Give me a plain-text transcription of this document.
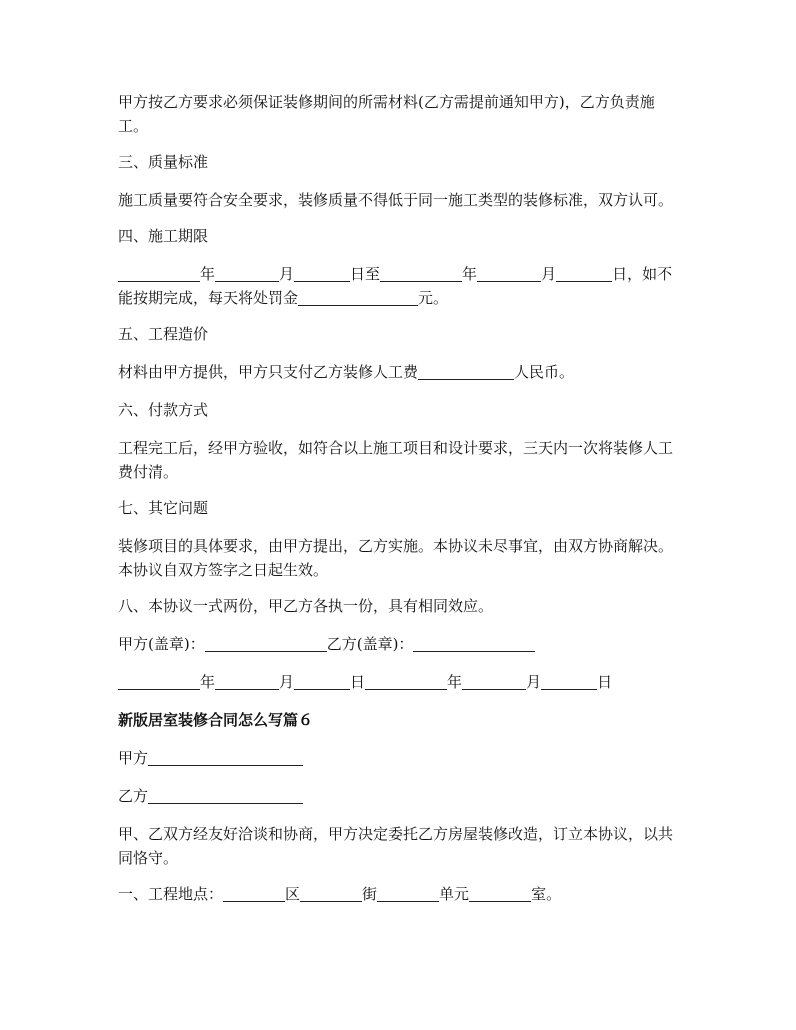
甲方按乙方要求必须保证装修期间的所需材料(乙方需提前通知甲方)，乙方负责施工。

三、质量标准

施工质量要符合安全要求，装修质量不得低于同一施工类型的装修标准，双方认可。

四、施工期限

年	月	日至	年	月	日，如不
能按期完成，每天将处罚金	元。

五、工程造价

材料由甲方提供，甲方只支付乙方装修人工费	人民币。

六、付款方式

工程完工后，经甲方验收，如符合以上施工项目和设计要求，三天内一次将装修人工费付清。

七、其它问题

装修项目的具体要求，由甲方提出，乙方实施。本协议未尽事宜，由双方协商解决。本协议自双方签字之日起生效。

八、本协议一式两份，甲乙方各执一份，具有相同效应。

甲方(盖章)：	乙方(盖章)：

年	月	日	年	月	日

新版居室装修合同怎么写篇６

甲方

乙方

甲、乙双方经友好洽谈和协商，甲方决定委托乙方房屋装修改造，订立本协议，以共同恪守。

一、工程地点：	区	街	单元	室。
